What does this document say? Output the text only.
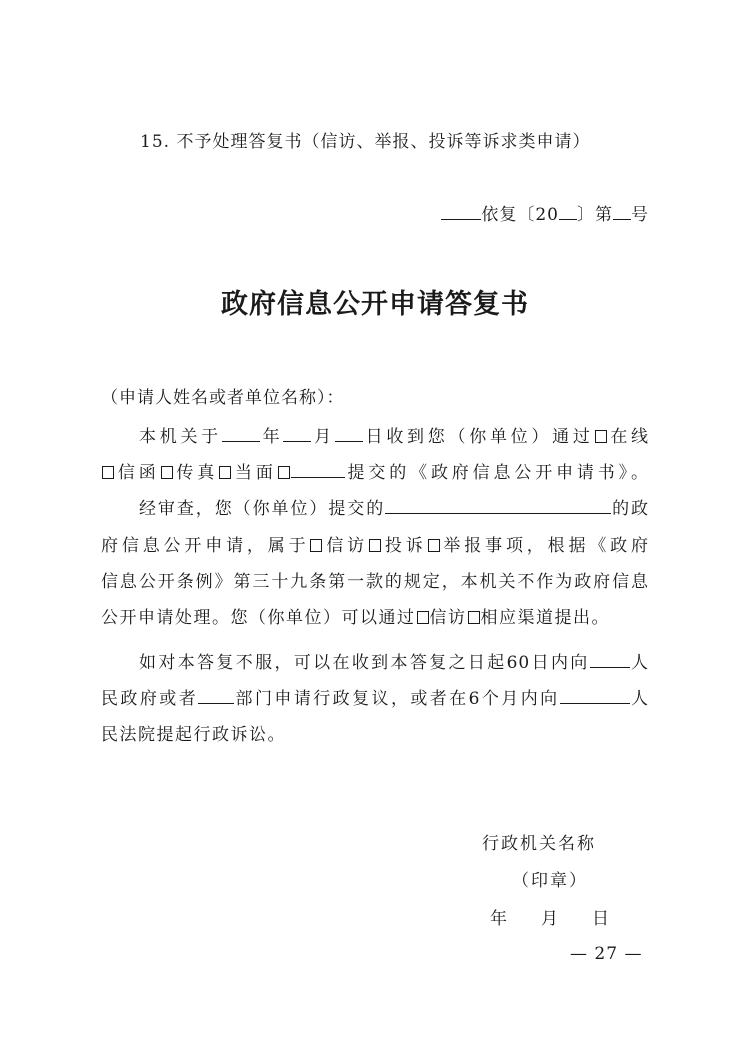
15. 不予处理答复书（信访、举报、投诉等诉求类申请）
依复〔20 〕第 号
政府信息公开申请答复书
（申请人姓名或者单位名称）：
本机关于 年 月 日收到您（你单位）通过 在线
信函 传真 当面	提交的《政府信息公开申请书》。
经审查，您（你单位）提交的	的政
府信息公开申请，属于 信访 投诉 举报事项，根据《政府
信息公开条例》第三十九条第一款的规定，本机关不作为政府信息
公开申请处理。您（你单位）可以通过 信访 相应渠道提出。
如对本答复不服，可以在收到本答复之日起60日内向 人
民政府或者 部门申请行政复议，或者在6个月内向	人
民法院提起行政诉讼。
行政机关名称
（印章）
年 月 日
— 27 —
